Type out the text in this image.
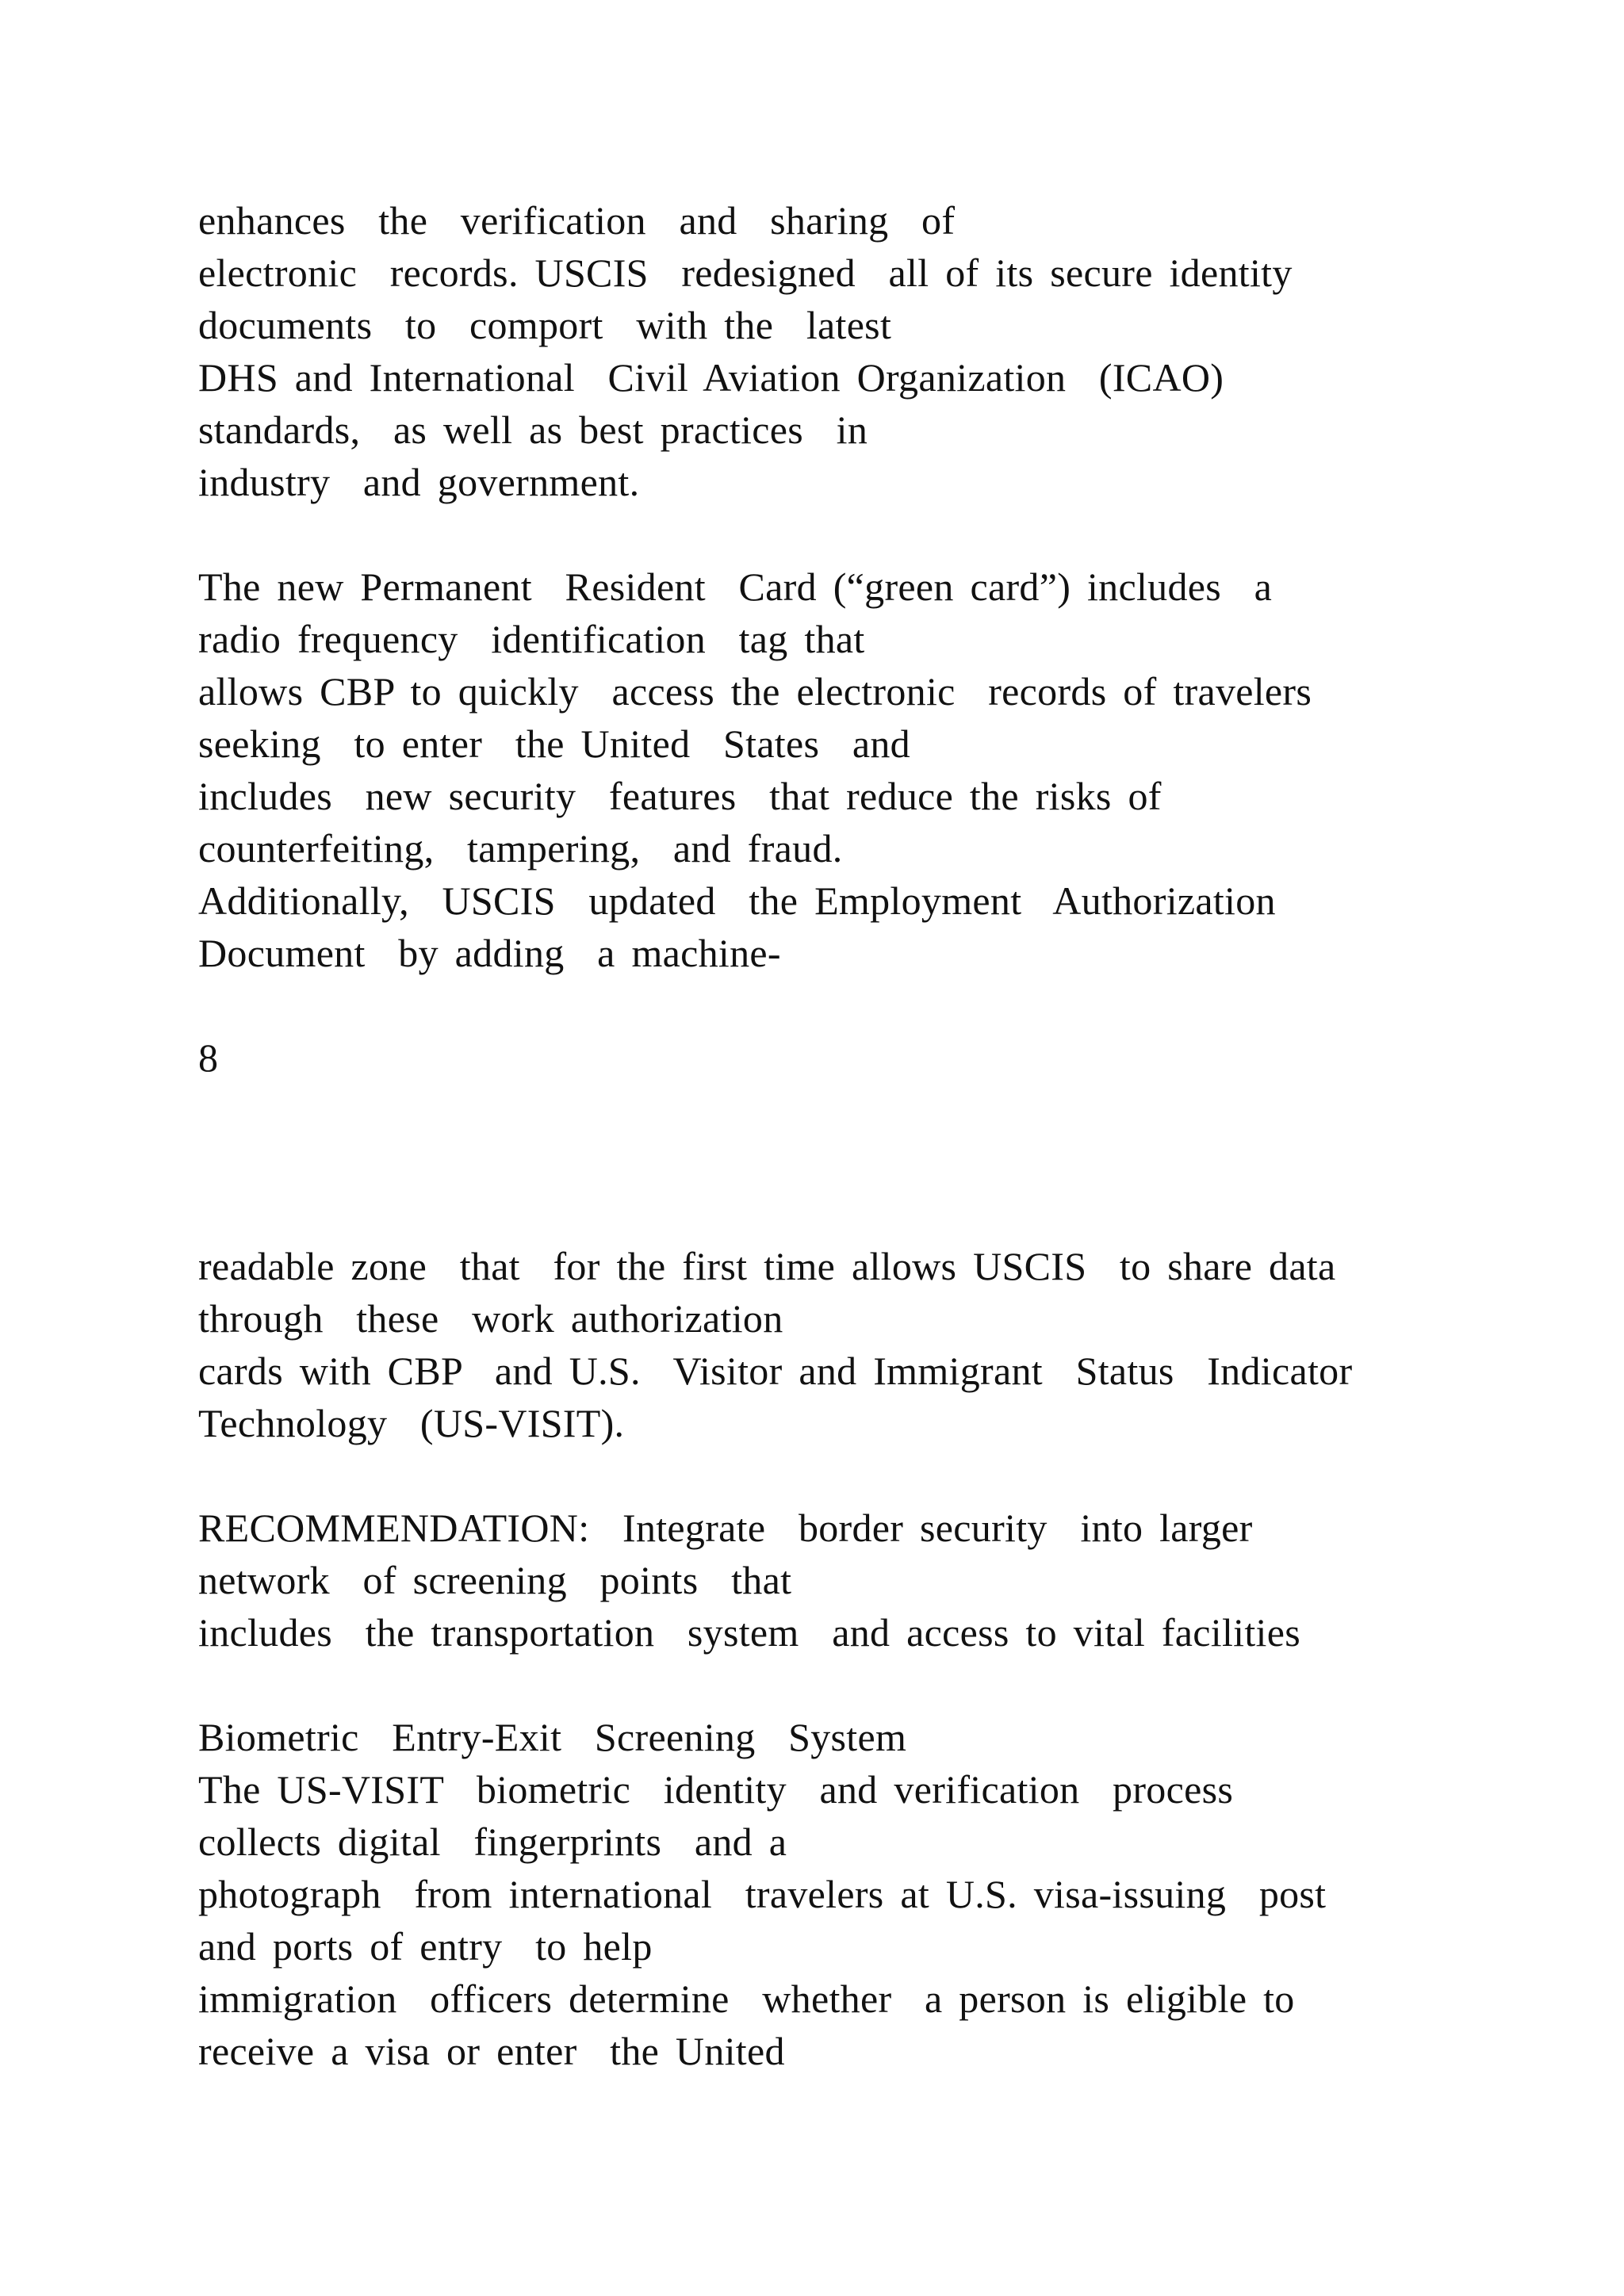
enhances  the  verification  and  sharing  of

electronic  records. USCIS  redesigned  all of its secure identity

documents  to  comport  with the  latest

DHS and International  Civil Aviation Organization  (ICAO)

standards,  as well as best practices  in

industry  and government.

The new Permanent  Resident  Card (“green card”) includes  a

radio frequency  identification  tag that

allows CBP to quickly  access the electronic  records of travelers

seeking  to enter  the United  States  and

includes  new security  features  that reduce the risks of

counterfeiting,  tampering,  and fraud.

Additionally,  USCIS  updated  the Employment  Authorization

Document  by adding  a machine-

8

readable zone  that  for the first time allows USCIS  to share data

through  these  work authorization

cards with CBP  and U.S.  Visitor and Immigrant  Status  Indicator

Technology  (US-VISIT).

RECOMMENDATION:  Integrate  border security  into larger

network  of screening  points  that

includes  the transportation  system  and access to vital facilities

Biometric  Entry-Exit  Screening  System

The US-VISIT  biometric  identity  and verification  process

collects digital  fingerprints  and a

photograph  from international  travelers at U.S. visa-issuing  post

and ports of entry  to help

immigration  officers determine  whether  a person is eligible to

receive a visa or enter  the United
